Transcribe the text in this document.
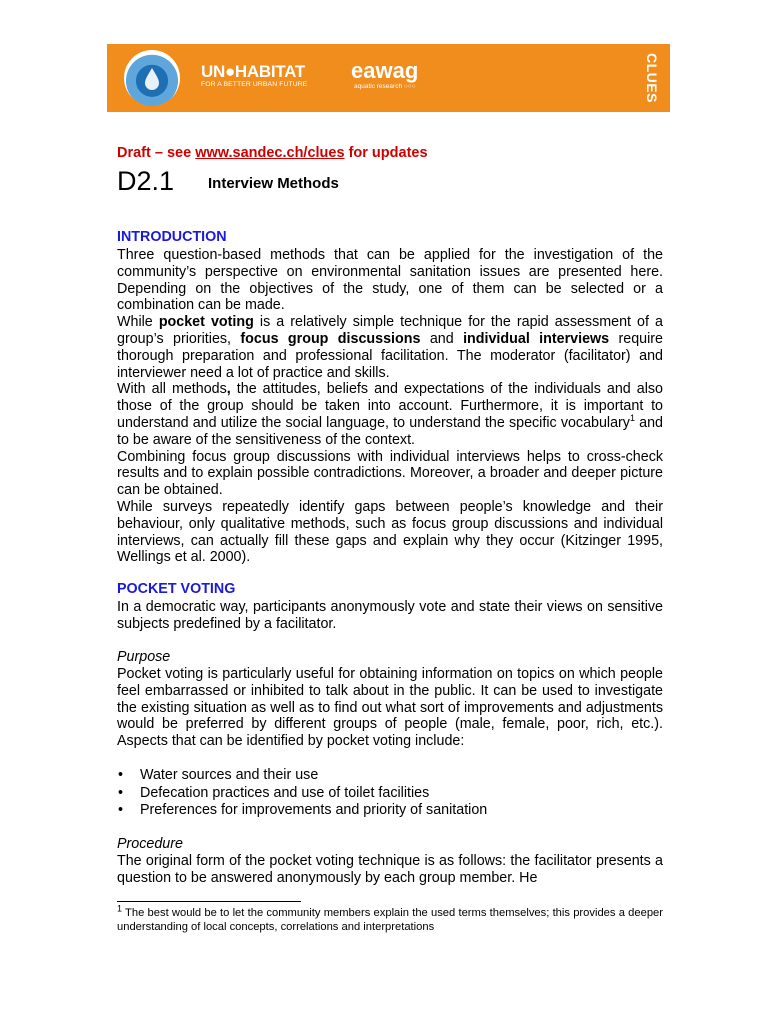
UN●HABITAT
FOR A BETTER URBAN FUTURE
eawag
aquatic research ○○○	CLUES
Draft – see www.sandec.ch/clues for updates
D2.1 Interview Methods
INTRODUCTION

Three question-based methods that can be applied for the investigation of the community’s perspective on environmental sanitation issues are presented here. Depending on the objectives of the study, one of them can be selected or a combination can be made.

While pocket voting is a relatively simple technique for the rapid assessment of a group’s priorities, focus group discussions and individual interviews require thorough preparation and professional facilitation. The moderator (facilitator) and interviewer need a lot of practice and skills.

With all methods, the attitudes, beliefs and expectations of the individuals and also those of the group should be taken into account. Furthermore, it is important to understand and utilize the social language, to understand the specific vocabulary$^1$ and to be aware of the sensitiveness of the context.

Combining focus group discussions with individual interviews helps to cross-check results and to explain possible contradictions. Moreover, a broader and deeper picture can be obtained.

While surveys repeatedly identify gaps between people’s knowledge and their behaviour, only qualitative methods, such as focus group discussions and individual interviews, can actually fill these gaps and explain why they occur (Kitzinger 1995, Wellings et al. 2000).

POCKET VOTING
In a democratic way, participants anonymously vote and state their views on sensitive subjects predefined by a facilitator.
Purpose
Pocket voting is particularly useful for obtaining information on topics on which people feel embarrassed or inhibited to talk about in the public. It can be used to investigate the existing situation as well as to find out what sort of improvements and adjustments would be preferred by different groups of people (male, female, poor, rich, etc.). Aspects that can be identified by pocket voting include:
• Water sources and their use
• Defecation practices and use of toilet facilities
• Preferences for improvements and priority of sanitation
Procedure
The original form of the pocket voting technique is as follows: the facilitator presents a question to be answered anonymously by each group member. He
$^1$ The best would be to let the community members explain the used terms themselves; this provides a deeper understanding of local concepts, correlations and interpretations
